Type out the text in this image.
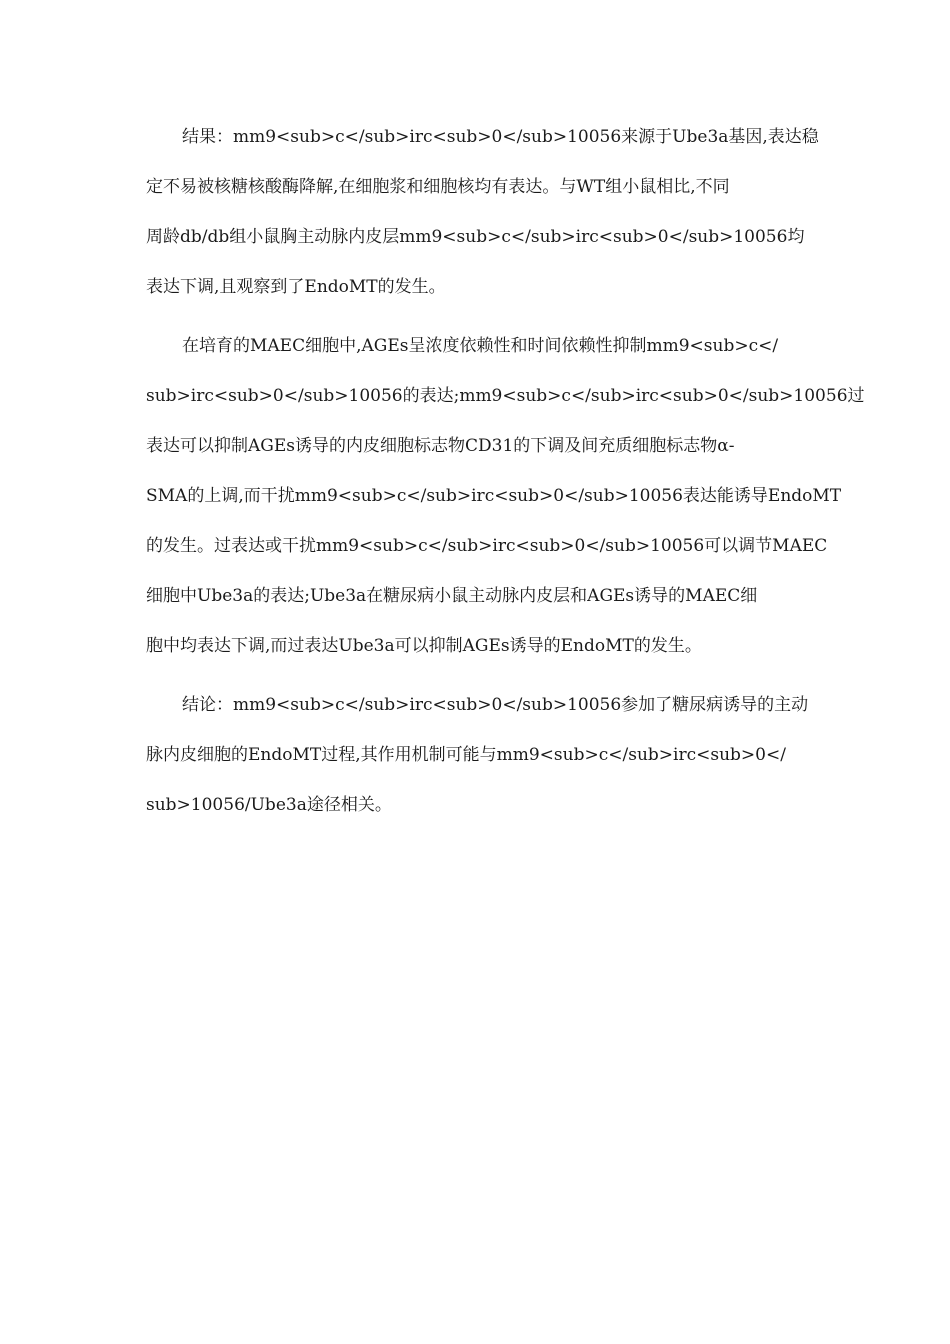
结果：mm9<sub>c</sub>irc<sub>0</sub>10056来源于Ube3a基因,表达稳
定不易被核糖核酸酶降解,在细胞浆和细胞核均有表达。与WT组小鼠相比,不同
周龄db/db组小鼠胸主动脉内皮层mm9<sub>c</sub>irc<sub>0</sub>10056均
表达下调,且观察到了EndoMT的发生。
在培育的MAEC细胞中,AGEs呈浓度依赖性和时间依赖性抑制mm9<sub>c</
sub>irc<sub>0</sub>10056的表达;mm9<sub>c</sub>irc<sub>0</sub>10056过
表达可以抑制AGEs诱导的内皮细胞标志物CD31的下调及间充质细胞标志物α-
SMA的上调,而干扰mm9<sub>c</sub>irc<sub>0</sub>10056表达能诱导EndoMT
的发生。过表达或干扰mm9<sub>c</sub>irc<sub>0</sub>10056可以调节MAEC
细胞中Ube3a的表达;Ube3a在糖尿病小鼠主动脉内皮层和AGEs诱导的MAEC细
胞中均表达下调,而过表达Ube3a可以抑制AGEs诱导的EndoMT的发生。
结论：mm9<sub>c</sub>irc<sub>0</sub>10056参加了糖尿病诱导的主动
脉内皮细胞的EndoMT过程,其作用机制可能与mm9<sub>c</sub>irc<sub>0</
sub>10056/Ube3a途径相关。
